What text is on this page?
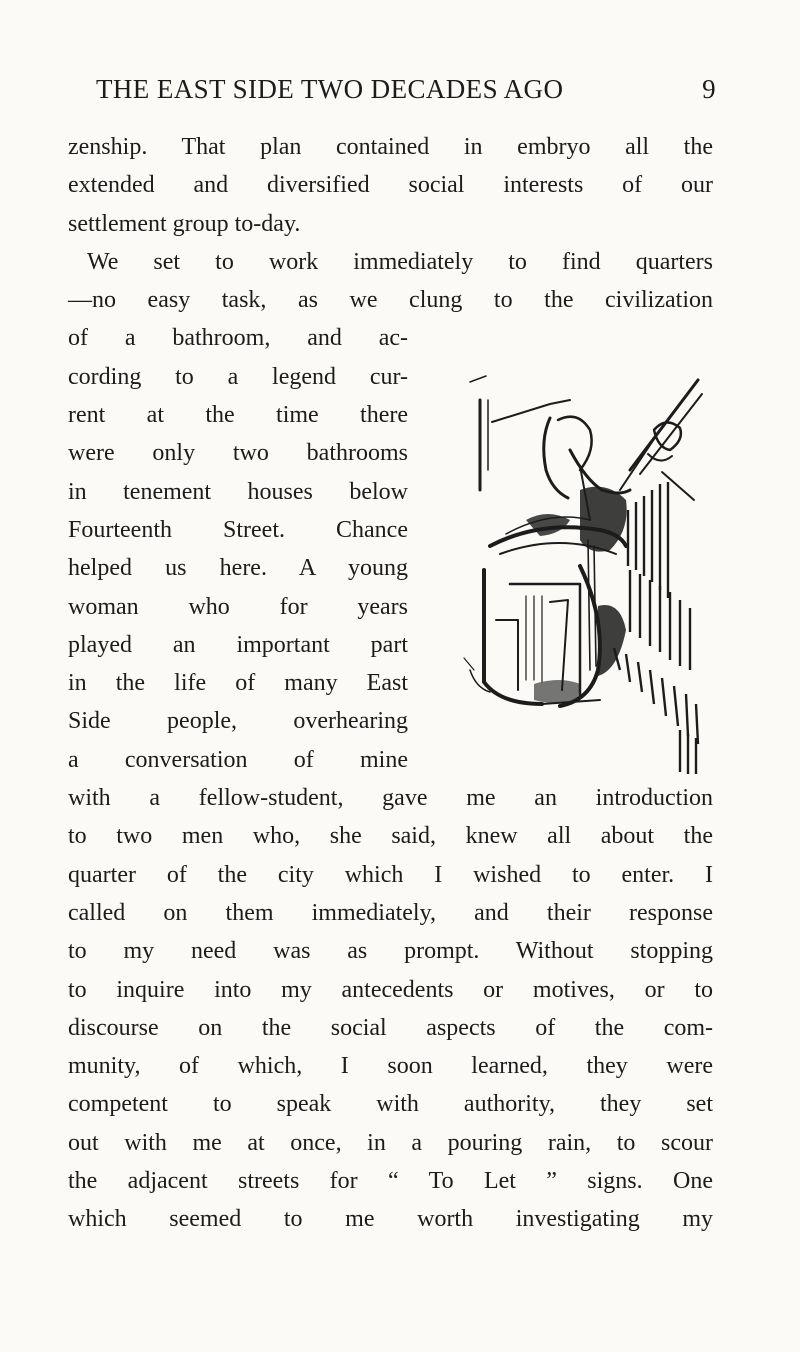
THE EAST SIDE TWO DECADES AGO	9
zenship. That plan contained in embryo all the
extended and diversified social interests of our
settlement group to-day.
We set to work immediately to find quarters
—no easy task, as we clung to the civilization
of a bathroom, and ac-
cording to a legend cur-
rent at the time there
were only two bathrooms
in tenement houses below
Fourteenth Street. Chance
helped us here. A young
woman who for years
played an important part
in the life of many East
Side people, overhearing
a conversation of mine
with a fellow-student, gave me an introduction
to two men who, she said, knew all about the
quarter of the city which I wished to enter. I
called on them immediately, and their response
to my need was as prompt. Without stopping
to inquire into my antecedents or motives, or to
discourse on the social aspects of the com-
munity, of which, I soon learned, they were
competent to speak with authority, they set
out with me at once, in a pouring rain, to scour
the adjacent streets for “ To Let ” signs. One
which seemed to me worth investigating my
